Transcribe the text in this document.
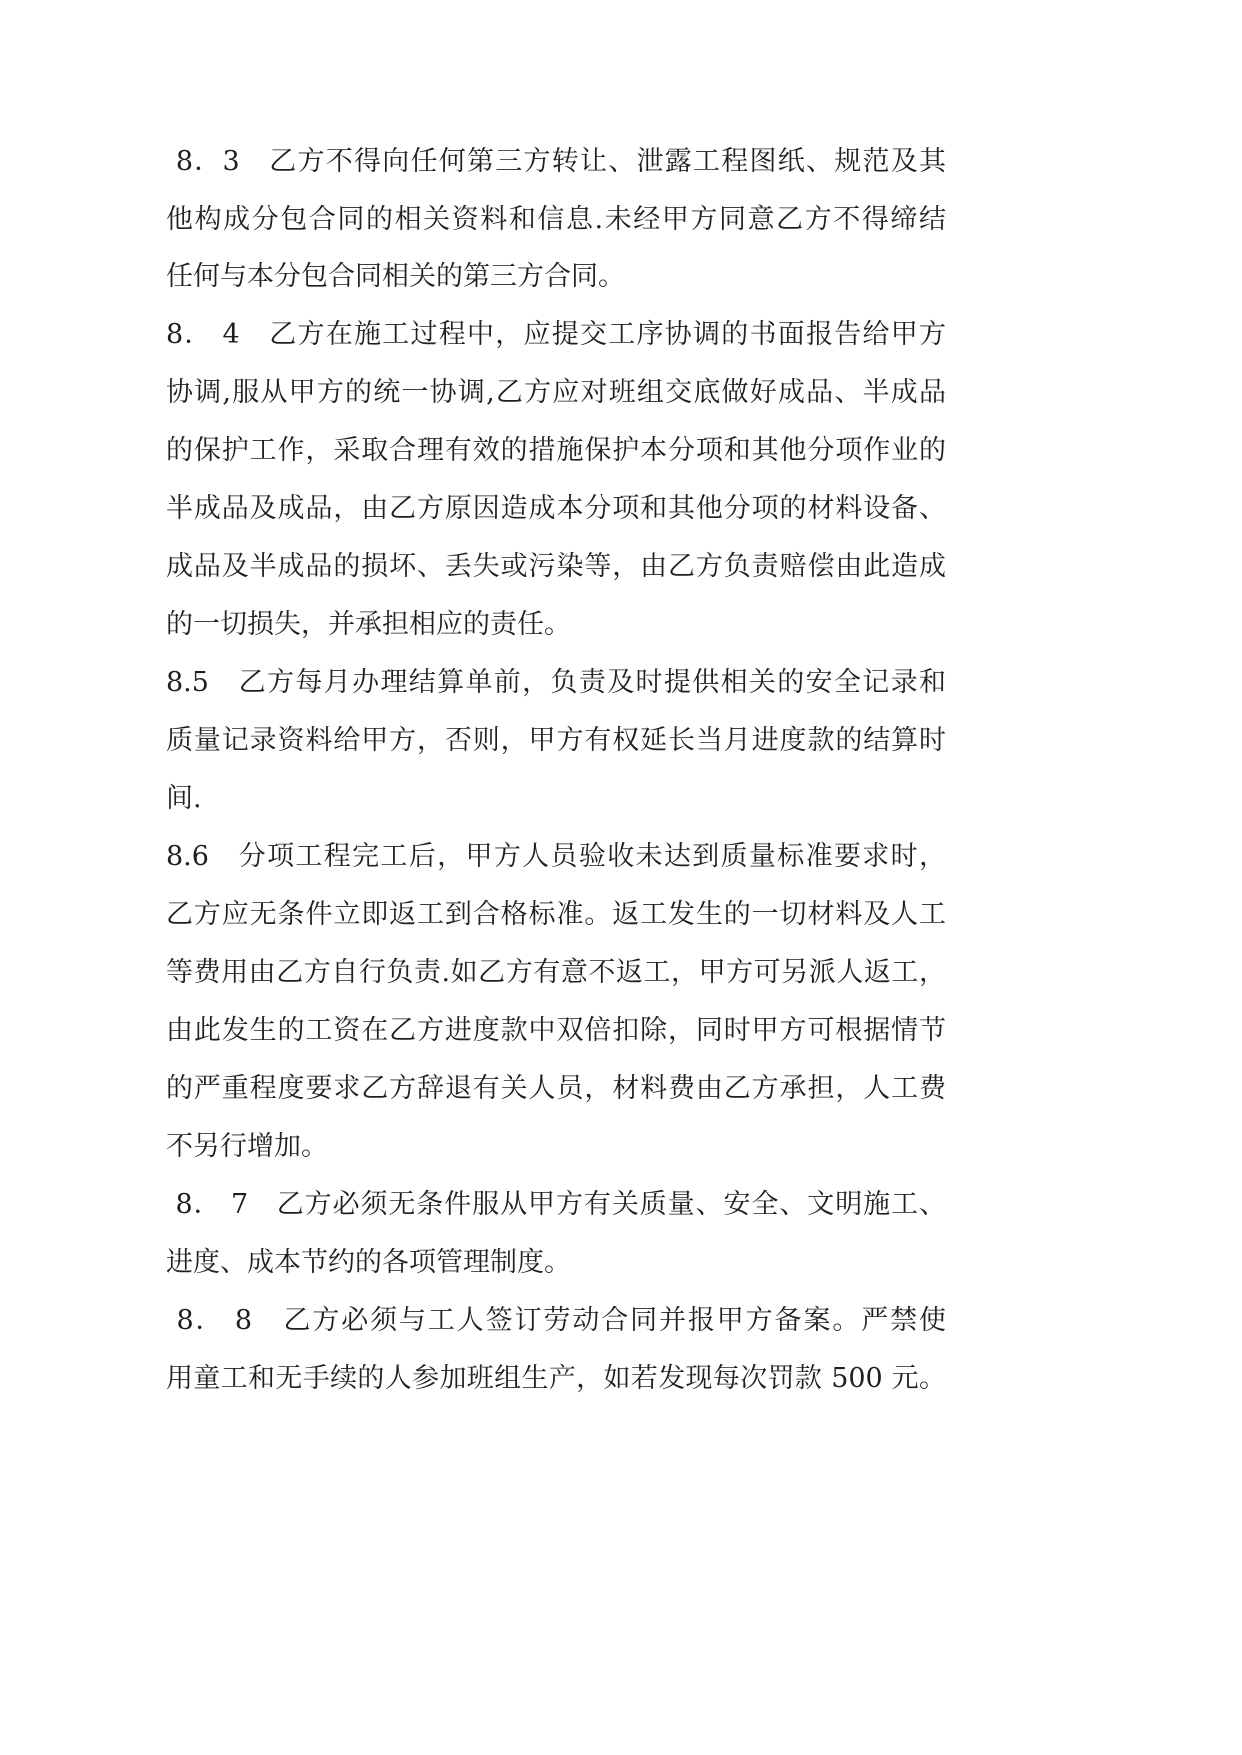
8．3   乙方不得向任何第三方转让、泄露工程图纸、规范及其

他构成分包合同的相关资料和信息.未经甲方同意乙方不得缔结

任何与本分包合同相关的第三方合同。

8． 4   乙方在施工过程中，应提交工序协调的书面报告给甲方

协调,服从甲方的统一协调,乙方应对班组交底做好成品、半成品

的保护工作，采取合理有效的措施保护本分项和其他分项作业的

半成品及成品，由乙方原因造成本分项和其他分项的材料设备、

成品及半成品的损坏、丢失或污染等，由乙方负责赔偿由此造成

的一切损失，并承担相应的责任。

8.5   乙方每月办理结算单前，负责及时提供相关的安全记录和

质量记录资料给甲方，否则，甲方有权延长当月进度款的结算时

间.

8.6   分项工程完工后，甲方人员验收未达到质量标准要求时，

乙方应无条件立即返工到合格标准。返工发生的一切材料及人工

等费用由乙方自行负责.如乙方有意不返工，甲方可另派人返工，

由此发生的工资在乙方进度款中双倍扣除，同时甲方可根据情节

的严重程度要求乙方辞退有关人员，材料费由乙方承担，人工费

不另行增加。

8． 7   乙方必须无条件服从甲方有关质量、安全、文明施工、

进度、成本节约的各项管理制度。

8． 8   乙方必须与工人签订劳动合同并报甲方备案。严禁使

用童工和无手续的人参加班组生产，如若发现每次罚款 500 元。
